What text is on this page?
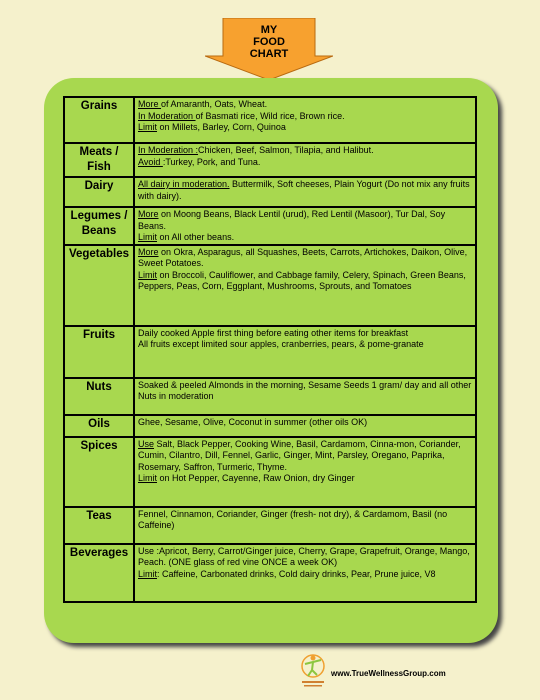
MY
FOOD
CHART
Grains	More of Amaranth, Oats, Wheat.
In Moderation of Basmati rice, Wild rice, Brown rice.
Limit on Millets, Barley, Corn, Quinoa

Meats / Fish	In Moderation :Chicken, Beef, Salmon, Tilapia, and Halibut.
Avoid :Turkey, Pork, and Tuna.

Dairy	All dairy in moderation. Buttermilk, Soft cheeses, Plain Yogurt (Do not mix any fruits with dairy).

Legumes / Beans	More on Moong Beans, Black Lentil (urud), Red Lentil (Masoor), Tur Dal, Soy Beans.
Limit on All other beans.

Vegetables	More on Okra, Asparagus, all Squashes, Beets, Carrots, Artichokes, Daikon, Olive, Sweet Potatoes.
Limit on Broccoli, Cauliflower, and Cabbage family, Celery, Spinach, Green Beans, Peppers, Peas, Corn, Eggplant, Mushrooms, Sprouts, and Tomatoes

Fruits	Daily cooked Apple first thing before eating other items for breakfast
All fruits except limited sour apples, cranberries, pears, & pome-granate

Nuts	Soaked & peeled Almonds in the morning, Sesame Seeds 1 gram/ day and all other Nuts in moderation

Oils	Ghee, Sesame, Olive, Coconut in summer (other oils OK)

Spices	Use Salt, Black Pepper, Cooking Wine, Basil, Cardamom, Cinna-mon, Coriander, Cumin, Cilantro, Dill, Fennel, Garlic, Ginger, Mint, Parsley, Oregano, Paprika, Rosemary, Saffron, Turmeric, Thyme.
Limit on Hot Pepper, Cayenne, Raw Onion, dry Ginger

Teas	Fennel, Cinnamon, Coriander, Ginger (fresh- not dry), & Cardamom, Basil (no Caffeine)

Beverages	Use :Apricot, Berry, Carrot/Ginger juice, Cherry, Grape, Grapefruit, Orange, Mango, Peach. (ONE glass of red vine ONCE a week OK)
Limit: Caffeine, Carbonated drinks, Cold dairy drinks, Pear, Prune juice, V8
www.TrueWellnessGroup.com
